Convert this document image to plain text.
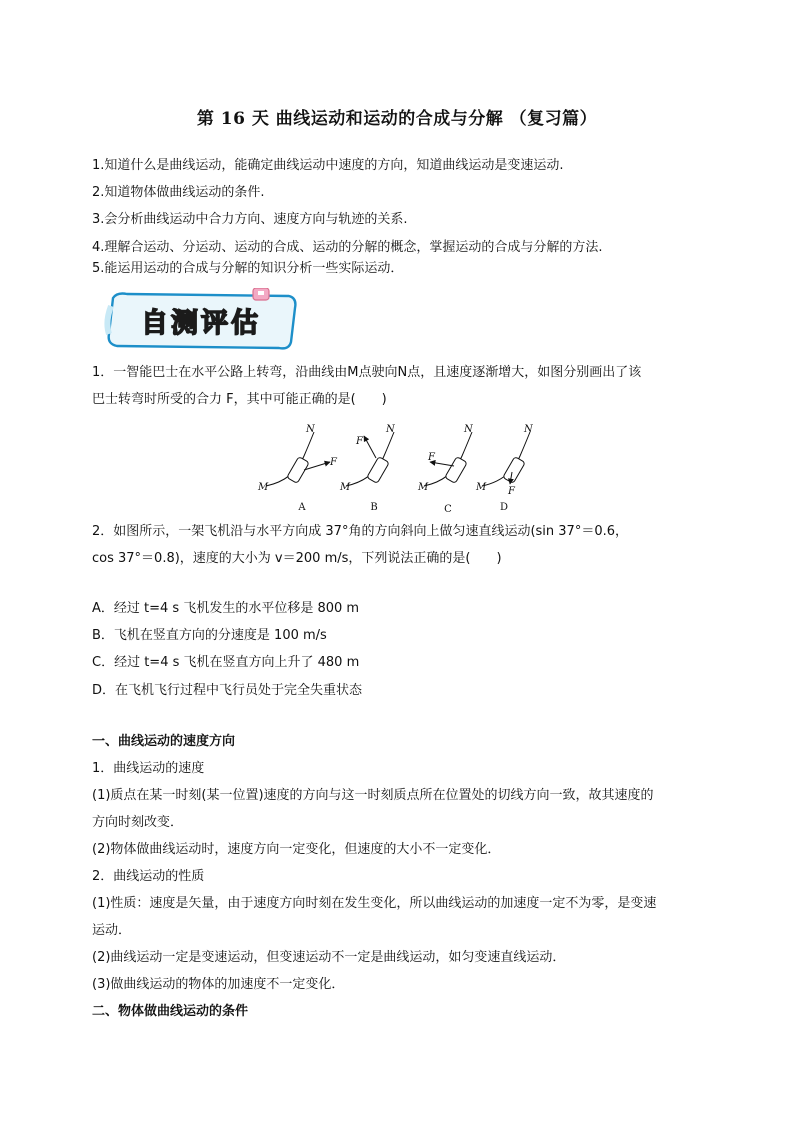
第 16 天 曲线运动和运动的合成与分解 （复习篇）
1.知道什么是曲线运动，能确定曲线运动中速度的方向，知道曲线运动是变速运动.
2.知道物体做曲线运动的条件.
3.会分析曲线运动中合力方向、速度方向与轨迹的关系.
4.理解合运动、分运动、运动的合成、运动的分解的概念，掌握运动的合成与分解的方法.
5.能运用运动的合成与分解的知识分析一些实际运动．
自测评估
1．一智能巴士在水平公路上转弯，沿曲线由M点驶向N点，且速度逐渐增大，如图分别画出了该
巴士转弯时所受的合力 F，其中可能正确的是(　　)
N
M
F
N
M
F
N
M
F
N
M F
A	B	C	D
2．如图所示，一架飞机沿与水平方向成 37°角的方向斜向上做匀速直线运动(sin 37°＝0.6，
cos 37°＝0.8)，速度的大小为 v＝200 m/s，下列说法正确的是(　　)
A．经过 t=4 s 飞机发生的水平位移是 800 m
B．飞机在竖直方向的分速度是 100 m/s
C．经过 t=4 s 飞机在竖直方向上升了 480 m
D．在飞机飞行过程中飞行员处于完全失重状态
一、曲线运动的速度方向
1．曲线运动的速度
(1)质点在某一时刻(某一位置)速度的方向与这一时刻质点所在位置处的切线方向一致，故其速度的
方向时刻改变．
(2)物体做曲线运动时，速度方向一定变化，但速度的大小不一定变化．
2．曲线运动的性质
(1)性质：速度是矢量，由于速度方向时刻在发生变化，所以曲线运动的加速度一定不为零，是变速
运动．
(2)曲线运动一定是变速运动，但变速运动不一定是曲线运动，如匀变速直线运动．
(3)做曲线运动的物体的加速度不一定变化．
二、物体做曲线运动的条件
